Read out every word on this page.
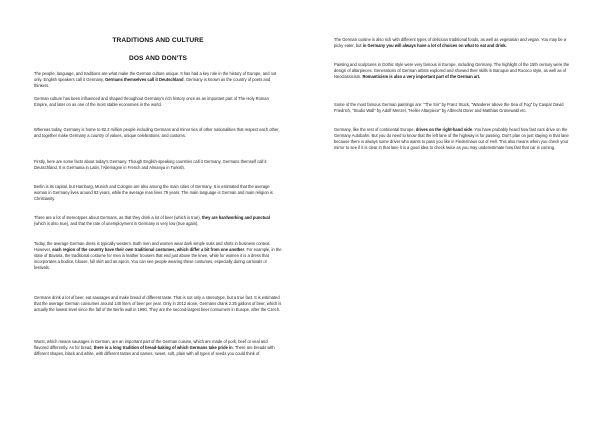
TRADITIONS AND CULTURE
DOS AND DON'TS

The people, language, and traditions are what make the German culture unique. It has had a key role in the history of Europe, and not only. English speakers call it Germany, Germans themselves call it Deutschland. Germany is known as the country of poets and thinkers.

German culture has been influenced and shaped throughout Germany's rich history once as an important part of The Holy Roman Empire, and later on as one of the most stable economies in the world.

Whereas today, Germany is home to 82.2 million people including Germans and minor ties of other nationalities that respect each other, and together make Germany a country of values, unique celebrations, and customs.

Firstly, here are some facts about today's Germany. Though English-speaking countries call it Germany, Germans themself call it Deutschland. It is Germania in Latin, l'Allemagne in French and Almanya in Turkish.

Berlin is its capital, but Hamburg, Munich and Cologne are also among the main cities of Germany. It is estimated that the average woman in Germany lives around 83 years, while the average man lives 79 years. The main language is German and main religion is Christianity.

There are a lot of stereotypes about Germans, as that they drink a lot of beer (which is true), they are hardworking and punctual (which is also true), and that the rate of unemployment in Germany is very low (true again).

Today, the average German dress is typically western. Both men and women wear dark simple suits and shirts in business context. However, each region of the country have their own traditional costumes, which differ a bit from one another. For example, in the state of Bavaria, the traditional costume for men is leather trousers that end just above the knee, while for women it is a dress that incorporates a bodice, blouse, full skirt and an apron. You can see people wearing these costumes, especially during carnivals or festivals.

Germans drink a lot of beer, eat sausages and make bread of different taste. That is not only a stereotype, but a true fact. It is estimated that the average German consumes around 140 liters of beer per year. Only in 2012 alone, Germans drank 2.25 gallons of beer, which is actually the lowest level since the fall of the Berlin wall in 1990. They are the second-largest beer consumers in Europe, after the Czech.

Wurst, which means sausages in German, are an important part of the German cuisine, which are made of pork, beef or veal and flavored differently. As for bread, there is a long tradition of bread-baking of which Germans take pride in. There are breads with different shapes, black and white, with different tastes and names, sweet, soft, plain with all types of seeds you could think of.

The German cuisine is also rich with different types of delicious traditional foods, as well as vegetarian and vegan. You may be a picky eater, but in Germany you will always have a lot of choices on what to eat and drink.

Painting and sculptures in Gothic style were very famous in Europe, including Germany. The highlight of the 15th century were the design of altarpieces. Generations of German artists explored and showed their skills in Baroque and Rococo style, as well as of Neoclassicism. Romanticism is also a very important part of the German art.

Some of the most famous German paintings are: "The Sin" by Franz Stuck, "Wanderer above the Sea of Fog" by Caspar David Friedrich, "Studio Wall" by Adolf Menzel, "Heller Altarpiece" by Albrecht Dürer and Matthias Grünewald etc.

Germany, like the rest of continental Europe, drives on the right-hand side. You have probably heard how fast cars drive on the Germany Autobahn. But you do need to know that the left lane of the highway is for passing. Don't plan on just staying in that lane because there is always some driver who wants to pass you like in Fiedermaus out of Hell. This also means when you check your mirror to see if it is clear in that lane it is a good idea to check twice as you may underestimate how fast that car is coming.
